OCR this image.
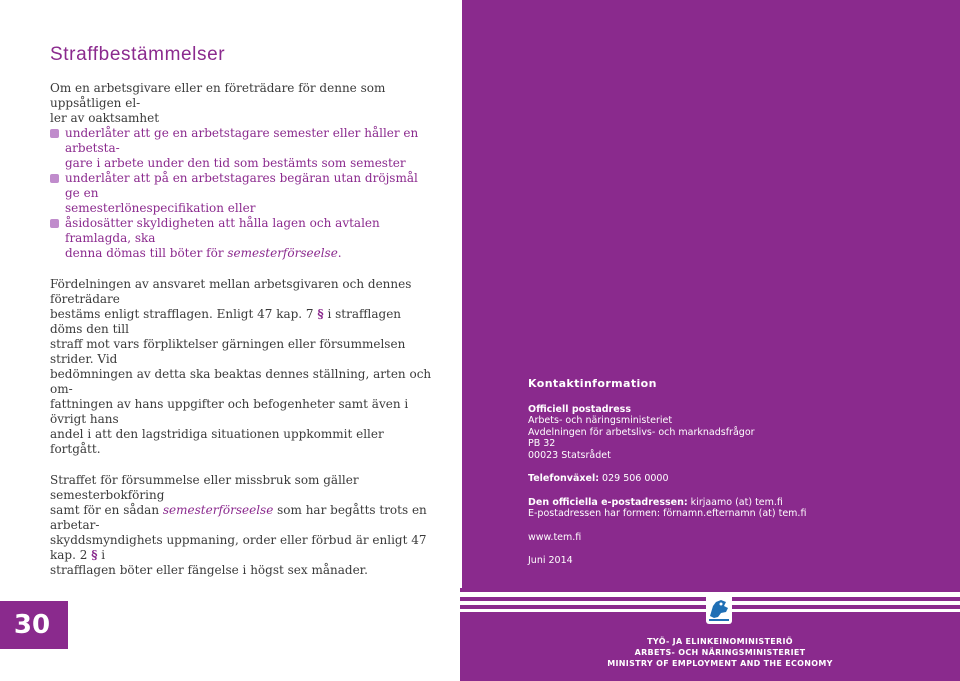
Straffbestämmelser

Om en arbetsgivare eller en företrädare för denne som uppsåtligen el-
ler av oaktsamhet

underlåter att ge en arbetstagare semester eller håller en arbetsta-
gare i arbete under den tid som bestämts som semester
underlåter att på en arbetstagares begäran utan dröjsmål ge en
semesterlönespecifikation eller
åsidosätter skyldigheten att hålla lagen och avtalen framlagda, ska
denna dömas till böter för semesterförseelse.

Fördelningen av ansvaret mellan arbetsgivaren och dennes företrädare
bestäms enligt strafflagen. Enligt 47 kap. 7 § i strafflagen döms den till
straff mot vars förpliktelser gärningen eller försummelsen strider. Vid
bedömningen av detta ska beaktas dennes ställning, arten och om-
fattningen av hans uppgifter och befogenheter samt även i övrigt hans
andel i att den lagstridiga situationen uppkommit eller fortgått.

Straffet för försummelse eller missbruk som gäller semesterbokföring
samt för en sådan semesterförseelse som har begåtts trots en arbetar-
skyddsmyndighets uppmaning, order eller förbud är enligt 47 kap. 2 § i
strafflagen böter eller fängelse i högst sex månader.

Kontaktinformation
Officiell postadress
Arbets- och näringsministeriet
Avdelningen för arbetslivs- och marknadsfrågor
PB 32
00023 Statsrådet
Telefonväxel: 029 506 0000
Den officiella e-postadressen: kirjaamo (at) tem.fi
E-postadressen har formen: förnamn.efternamn (at) tem.fi
www.tem.fi
Juni 2014
30
TYÖ- JA ELINKEINOMINISTERIÖ
ARBETS- OCH NÄRINGSMINISTERIET
MINISTRY OF EMPLOYMENT AND THE ECONOMY
